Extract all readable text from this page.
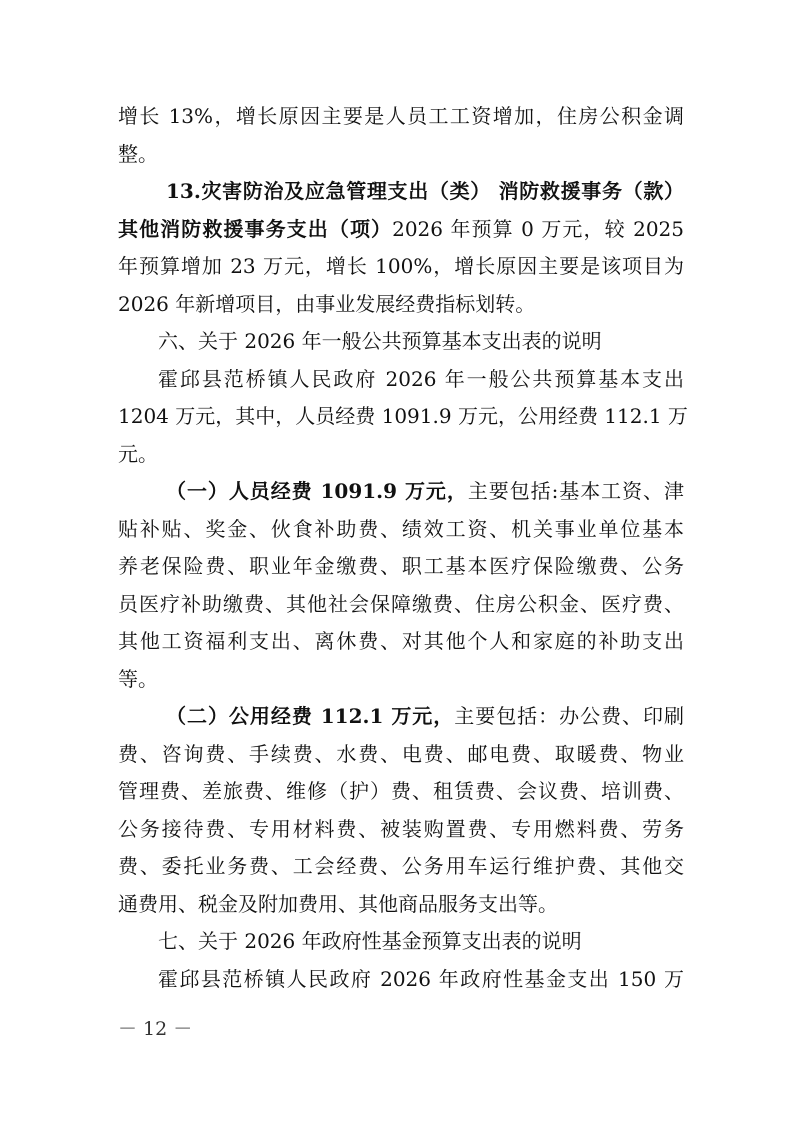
增长 13%，增长原因主要是人员工工资增加，住房公积金调
整。
13.灾害防治及应急管理支出（类） 消防救援事务（款）
其他消防救援事务支出（项）2026 年预算 0 万元，较 2025
年预算增加 23 万元，增长 100%，增长原因主要是该项目为
2026 年新增项目，由事业发展经费指标划转。
六、关于 2026 年一般公共预算基本支出表的说明
霍邱县范桥镇人民政府 2026 年一般公共预算基本支出
1204 万元，其中，人员经费 1091.9 万元，公用经费 112.1 万
元。
（一）人员经费 1091.9 万元，主要包括:基本工资、津
贴补贴、奖金、伙食补助费、绩效工资、机关事业单位基本
养老保险费、职业年金缴费、职工基本医疗保险缴费、公务
员医疗补助缴费、其他社会保障缴费、住房公积金、医疗费、
其他工资福利支出、离休费、对其他个人和家庭的补助支出
等。
（二）公用经费 112.1 万元，主要包括：办公费、印刷
费、咨询费、手续费、水费、电费、邮电费、取暖费、物业
管理费、差旅费、维修（护）费、租赁费、会议费、培训费、
公务接待费、专用材料费、被装购置费、专用燃料费、劳务
费、委托业务费、工会经费、公务用车运行维护费、其他交
通费用、税金及附加费用、其他商品服务支出等。
七、关于 2026 年政府性基金预算支出表的说明
霍邱县范桥镇人民政府 2026 年政府性基金支出 150 万
－ 12 －
